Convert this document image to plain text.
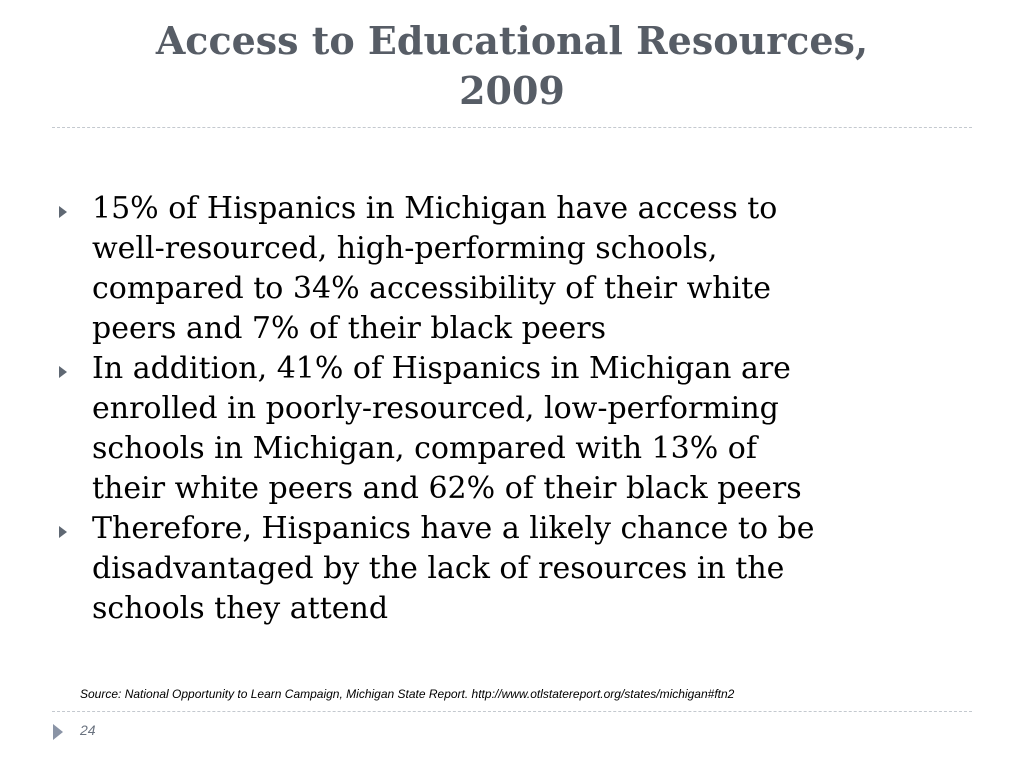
Access to Educational Resources,
2009
15% of Hispanics in Michigan have access to
well-resourced, high-performing schools,
compared to 34% accessibility of their white
peers and 7% of their black peers
In addition, 41% of Hispanics in Michigan are
enrolled in poorly-resourced, low-performing
schools in Michigan, compared with 13% of
their white peers and 62% of their black peers
Therefore, Hispanics have a likely chance to be
disadvantaged by the lack of resources in the
schools they attend
Source: National Opportunity to Learn Campaign, Michigan State Report. http://www.otlstatereport.org/states/michigan#ftn2
24
